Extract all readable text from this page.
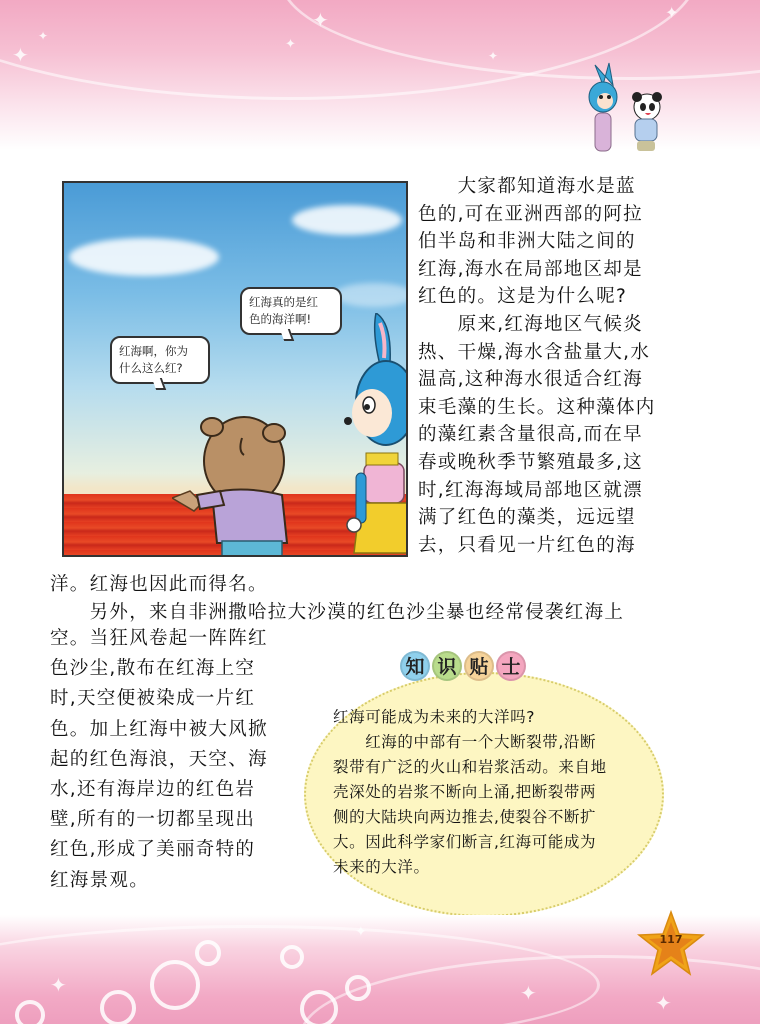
✦
✦
✦
✦
✦
✦
红海真的是红
色的海洋啊!
红海啊，你为
什么这么红?
　　大家都知道海水是蓝
色的,可在亚洲西部的阿拉
伯半岛和非洲大陆之间的
红海,海水在局部地区却是
红色的。这是为什么呢?
　　原来,红海地区气候炎
热、干燥,海水含盐量大,水
温高,这种海水很适合红海
束毛藻的生长。这种藻体内
的藻红素含量很高,而在早
春或晚秋季节繁殖最多,这
时,红海海域局部地区就漂
满了红色的藻类，远远望
去，只看见一片红色的海
洋。红海也因此而得名。
　　另外，来自非洲撒哈拉大沙漠的红色沙尘暴也经常侵袭红海上
空。当狂风卷起一阵阵红
色沙尘,散布在红海上空
时,天空便被染成一片红
色。加上红海中被大风掀
起的红色海浪，天空、海
水,还有海岸边的红色岩
壁,所有的一切都呈现出
红色,形成了美丽奇特的
红海景观。
知 识 贴 士
红海可能成为未来的大洋吗?
　　红海的中部有一个大断裂带,沿断
裂带有广泛的火山和岩浆活动。来自地
壳深处的岩浆不断向上涌,把断裂带两
侧的大陆块向两边推去,使裂谷不断扩
大。因此科学家们断言,红海可能成为
未来的大洋。
✦
✦
✦	✦
117
